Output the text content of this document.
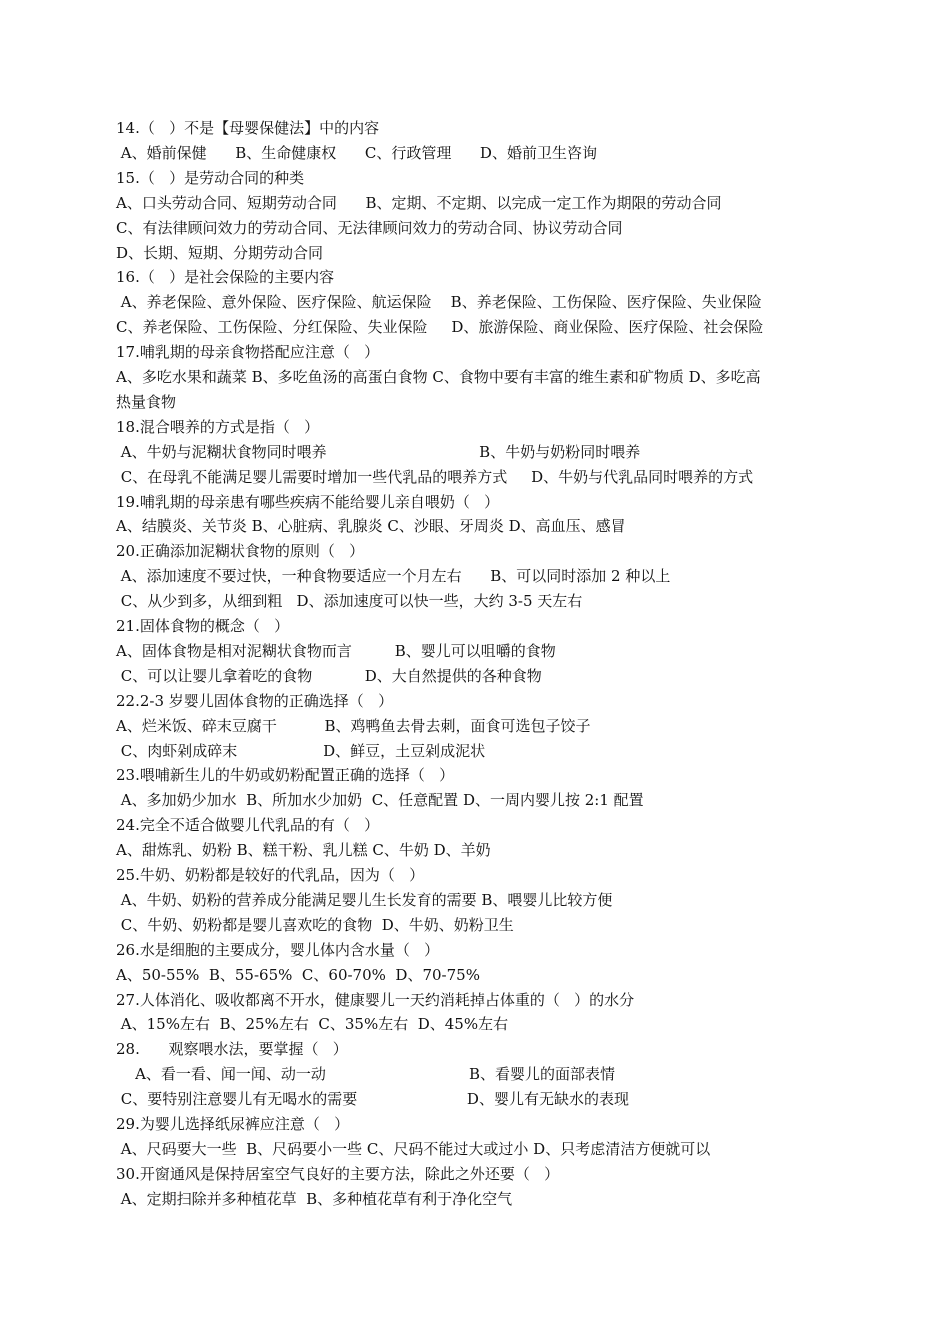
14.（   ）不是【母婴保健法】中的内容
A、婚前保健      B、生命健康权      C、行政管理      D、婚前卫生咨询
15.（   ）是劳动合同的种类
A、口头劳动合同、短期劳动合同      B、定期、不定期、以完成一定工作为期限的劳动合同
C、有法律顾问效力的劳动合同、无法律顾问效力的劳动合同、协议劳动合同
D、长期、短期、分期劳动合同
16.（   ）是社会保险的主要内容
A、养老保险、意外保险、医疗保险、航运保险    B、养老保险、工伤保险、医疗保险、失业保险
C、养老保险、工伤保险、分红保险、失业保险     D、旅游保险、商业保险、医疗保险、社会保险
17.哺乳期的母亲食物搭配应注意（   ）
A、多吃水果和蔬菜 B、多吃鱼汤的高蛋白食物 C、食物中要有丰富的维生素和矿物质 D、多吃高
热量食物
18.混合喂养的方式是指（   ）
A、牛奶与泥糊状食物同时喂养                                B、牛奶与奶粉同时喂养
C、在母乳不能满足婴儿需要时增加一些代乳品的喂养方式     D、牛奶与代乳品同时喂养的方式
19.哺乳期的母亲患有哪些疾病不能给婴儿亲自喂奶（   ）
A、结膜炎、关节炎 B、心脏病、乳腺炎 C、沙眼、牙周炎 D、高血压、感冒
20.正确添加泥糊状食物的原则（   ）
A、添加速度不要过快，一种食物要适应一个月左右      B、可以同时添加 2 种以上
C、从少到多，从细到粗   D、添加速度可以快一些，大约 3-5 天左右
21.固体食物的概念（   ）
A、固体食物是相对泥糊状食物而言         B、婴儿可以咀嚼的食物
C、可以让婴儿拿着吃的食物           D、大自然提供的各种食物
22.2-3 岁婴儿固体食物的正确选择（   ）
A、烂米饭、碎末豆腐干          B、鸡鸭鱼去骨去刺，面食可选包子饺子
C、肉虾剁成碎末                  D、鲜豆，土豆剁成泥状
23.喂哺新生儿的牛奶或奶粉配置正确的选择（   ）
A、多加奶少加水  B、所加水少加奶  C、任意配置 D、一周内婴儿按 2:1 配置
24.完全不适合做婴儿代乳品的有（   ）
A、甜炼乳、奶粉 B、糕干粉、乳儿糕 C、牛奶 D、羊奶
25.牛奶、奶粉都是较好的代乳品，因为（   ）
A、牛奶、奶粉的营养成分能满足婴儿生长发育的需要 B、喂婴儿比较方便
C、牛奶、奶粉都是婴儿喜欢吃的食物  D、牛奶、奶粉卫生
26.水是细胞的主要成分，婴儿体内含水量（   ）
A、50-55%  B、55-65%  C、60-70%  D、70-75%
27.人体消化、吸收都离不开水，健康婴儿一天约消耗掉占体重的（   ）的水分
A、15%左右  B、25%左右  C、35%左右  D、45%左右
28.      观察喂水法，要掌握（   ）
A、看一看、闻一闻、动一动                              B、看婴儿的面部表情
C、要特别注意婴儿有无喝水的需要                       D、婴儿有无缺水的表现
29.为婴儿选择纸尿裤应注意（   ）
A、尺码要大一些  B、尺码要小一些 C、尺码不能过大或过小 D、只考虑清洁方便就可以
30.开窗通风是保持居室空气良好的主要方法，除此之外还要（   ）
A、定期扫除并多种植花草  B、多种植花草有利于净化空气
